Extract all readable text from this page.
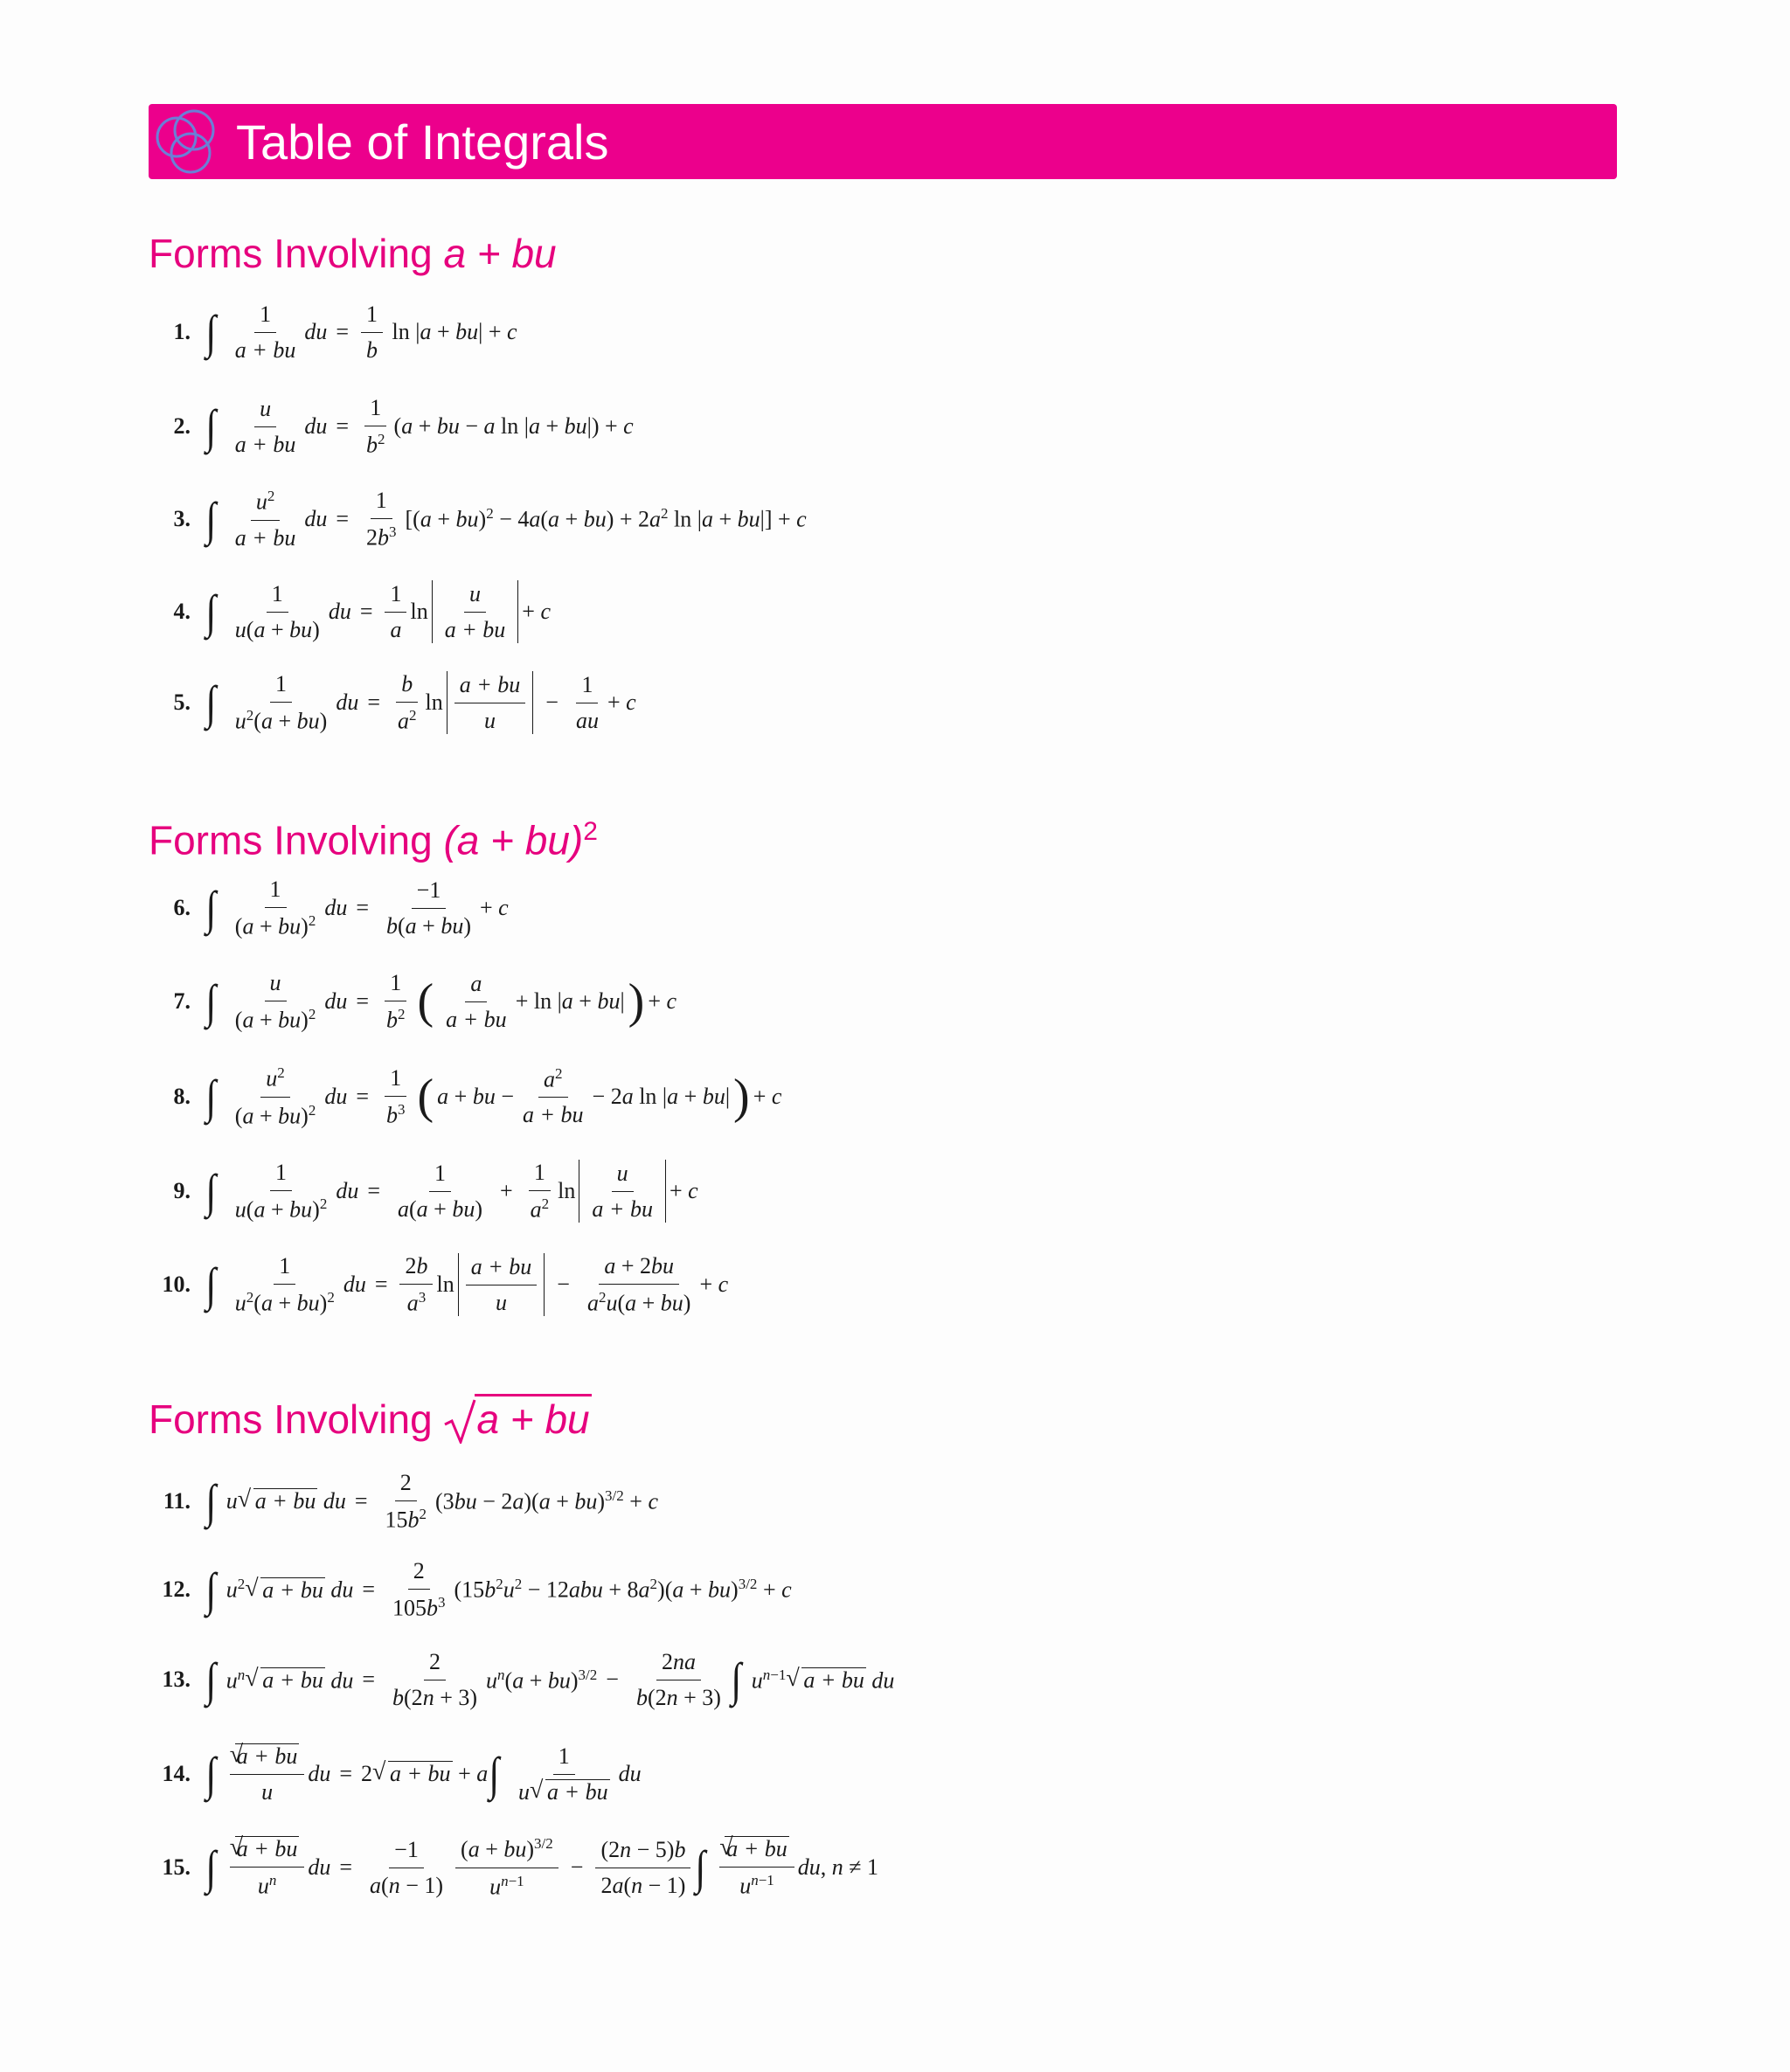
Table of Integrals
Forms Involving a + bu
1. ∫ $\frac{1}{a + bu}$ du = $\frac{1}{b}$ ln |a + bu| + c
2. ∫ $\frac{u}{a + bu}$ du = $\frac{1}{b^2} (a$ + bu − a ln |a + bu|) + c
3. ∫ $\frac{u^2}{a + bu}$ du = $\frac{1}{2b^3} [(a + bu)^2 - 4a(a + bu) + 2a^2$ ln |a + bu|] + c
4. ∫ $\frac{1}{u(a + bu)}$ du = $\frac{1}{a}$ $\ln \frac{u}{a + bu} + c$
5. ∫ $\frac{1}{u^2(a + bu)}$ du = $\frac{b}{a^2}$ $\ln \frac{a + bu}{u} - \frac{1}{au} + c$
Forms Involving (a + bu)$^2$
6. ∫ $\frac{1}{(a + bu)^2}$ du = $\frac{-1}{b(a + bu)} + c$
7. ∫ $\frac{u}{(a + bu)^2}$ du = $\frac{1}{b^2}$ ( $\frac{a}{a + bu} + \ln |a + bu|$ ) + c
8. ∫ $\frac{u^2}{(a + bu)^2}$ du = $\frac{1}{b^3}$ ( a + bu − $\frac{a^2}{a + bu} - 2a$ ln |a + bu| ) + c
9. ∫ $\frac{1}{u(a + bu)^2}$ du = $\frac{1}{a(a + bu)} + \frac{1}{a^2}$ $\ln \frac{u}{a + bu} + c$
10. ∫ $\frac{1}{u^2(a + bu)^2}$ du = $\frac{2b}{a^3}$ $\ln \frac{a + bu}{u} - \frac{a + 2bu}{a^2u(a + bu)} + c$
Forms Involving
a + bu
11. ∫ u√ a + bu du = $\frac{2}{15b^2} (3bu - 2a)(a + bu)^{3/2} + c$
12. ∫ $u^2√$ a + bu du = $\frac{2}{105b^3} (15b^2u^2 - 12abu + 8a^2)(a + bu)^{3/2} + c$
13. ∫ $u^n√$ a + bu du = $\frac{2}{b(2n + 3)} u^n(a + bu)^{3/2} - \frac{2na}{b(2n + 3)}$ ∫ $u^{n-1}√$ a + bu du
14. ∫
√ $\frac{a + bu}{u}$ du = 2√ a + bu + a ∫ $\frac{1}{u√ a + bu}$ du
15. ∫
√ $\frac{a + bu}{u^n}$ du = $\frac{-1}{a(n - 1)} \frac{(a + bu)^{3/2}}{u^{n-1}} - \frac{(2n - 5)b}{2a(n - 1)}$ ∫
√ $\frac{a + bu}{u^{n-1}}$ du, n ≠ 1
